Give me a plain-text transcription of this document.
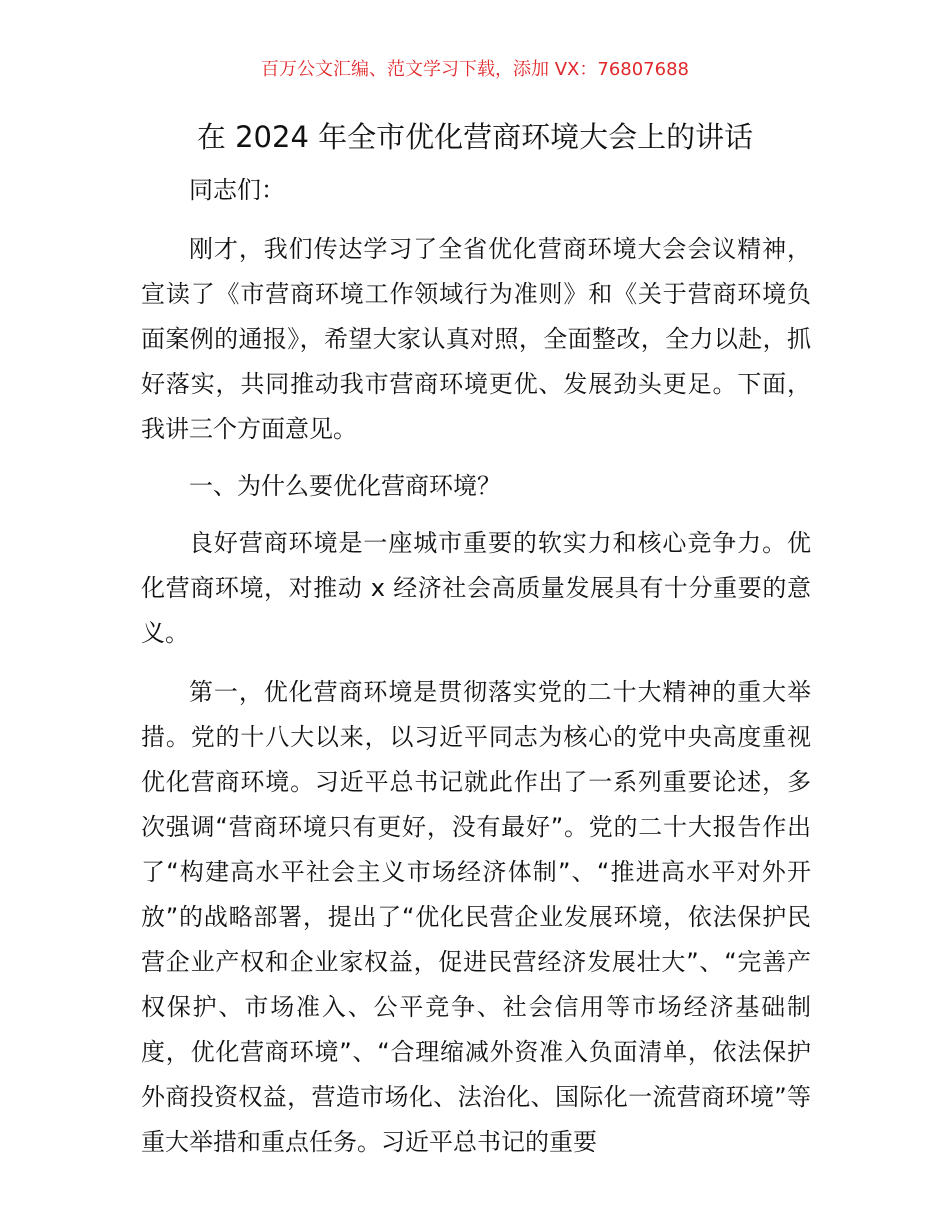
百万公文汇编、范文学习下载，添加 VX：76807688
在 2024 年全市优化营商环境大会上的讲话

同志们：

刚才，我们传达学习了全省优化营商环境大会会议精神，宣读了《市营商环境工作领域行为准则》和《关于营商环境负面案例的通报》，希望大家认真对照，全面整改，全力以赴，抓好落实，共同推动我市营商环境更优、发展劲头更足。下面，我讲三个方面意见。

一、为什么要优化营商环境？

良好营商环境是一座城市重要的软实力和核心竞争力。优化营商环境，对推动 x 经济社会高质量发展具有十分重要的意义。

第一，优化营商环境是贯彻落实党的二十大精神的重大举措。党的十八大以来，以习近平同志为核心的党中央高度重视优化营商环境。习近平总书记就此作出了一系列重要论述，多次强调“营商环境只有更好，没有最好”。党的二十大报告作出了“构建高水平社会主义市场经济体制”、“推进高水平对外开放”的战略部署，提出了“优化民营企业发展环境，依法保护民营企业产权和企业家权益，促进民营经济发展壮大”、“完善产权保护、市场准入、公平竞争、社会信用等市场经济基础制度，优化营商环境”、“合理缩减外资准入负面清单，依法保护外商投资权益，营造市场化、法治化、国际化一流营商环境”等重大举措和重点任务。习近平总书记的重要
